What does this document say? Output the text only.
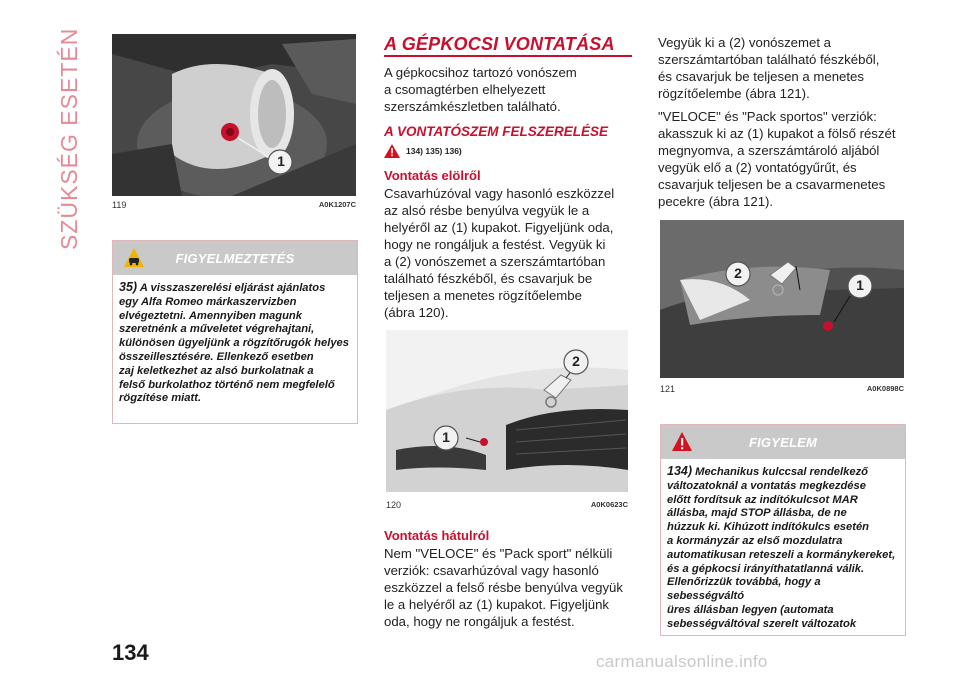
SZÜKSÉG ESETÉN	1
119	A0K1207C
FIGYELMEZTETÉS
35) A visszaszerelési eljárást ajánlatos
egy Alfa Romeo márkaszervizben
elvégeztetni. Amennyiben magunk
szeretnénk a műveletet végrehajtani,
különösen ügyeljünk a rögzítőrugók helyes
összeillesztésére. Ellenkező esetben
zaj keletkezhet az alsó burkolatnak a
felső burkolathoz történő nem megfelelő
rögzítése miatt.
A GÉPKOCSI VONTATÁSA
A gépkocsihoz tartozó vonószem
a csomagtérben elhelyezett
szerszámkészletben található.
A VONTATÓSZEM FELSZERELÉSE
134) 135) 136)
Vontatás elölről
Csavarhúzóval vagy hasonló eszközzel
az alsó résbe benyúlva vegyük le a
helyéről az (1) kupakot. Figyeljünk oda,
hogy ne rongáljuk a festést. Vegyük ki
a (2) vonószemet a szerszámtartóban
található fészkéből, és csavarjuk be
teljesen a menetes rögzítőelembe
(ábra 120).
1
2
120	A0K0623C
Vontatás hátulról
Nem "VELOCE" és "Pack sport" nélküli
verziók: csavarhúzóval vagy hasonló
eszközzel a felső résbe benyúlva vegyük
le a helyéről az (1) kupakot. Figyeljünk
oda, hogy ne rongáljuk a festést.
Vegyük ki a (2) vonószemet a
szerszámtartóban található fészkéből,
és csavarjuk be teljesen a menetes
rögzítőelembe (ábra 121).
"VELOCE" és "Pack sportos" verziók:
akasszuk ki az (1) kupakot a fölső részét
megnyomva, a szerszámtároló aljából
vegyük elő a (2) vontatógyűrűt, és
csavarjuk teljesen be a csavarmenetes
pecekre (ábra 121).
2
1
121	A0K0898C
FIGYELEM
134) Mechanikus kulccsal rendelkező
változatoknál a vontatás megkezdése
előtt fordítsuk az indítókulcsot MAR
állásba, majd STOP állásba, de ne
húzzuk ki. Kihúzott indítókulcs esetén
a kormányzár az első mozdulatra
automatikusan reteszeli a kormánykereket,
és a gépkocsi irányíthatatlanná válik.
Ellenőrizzük továbbá, hogy a sebességváltó
üres állásban legyen (automata
sebességváltóval szerelt változatok
134	carmanualsonline.info
